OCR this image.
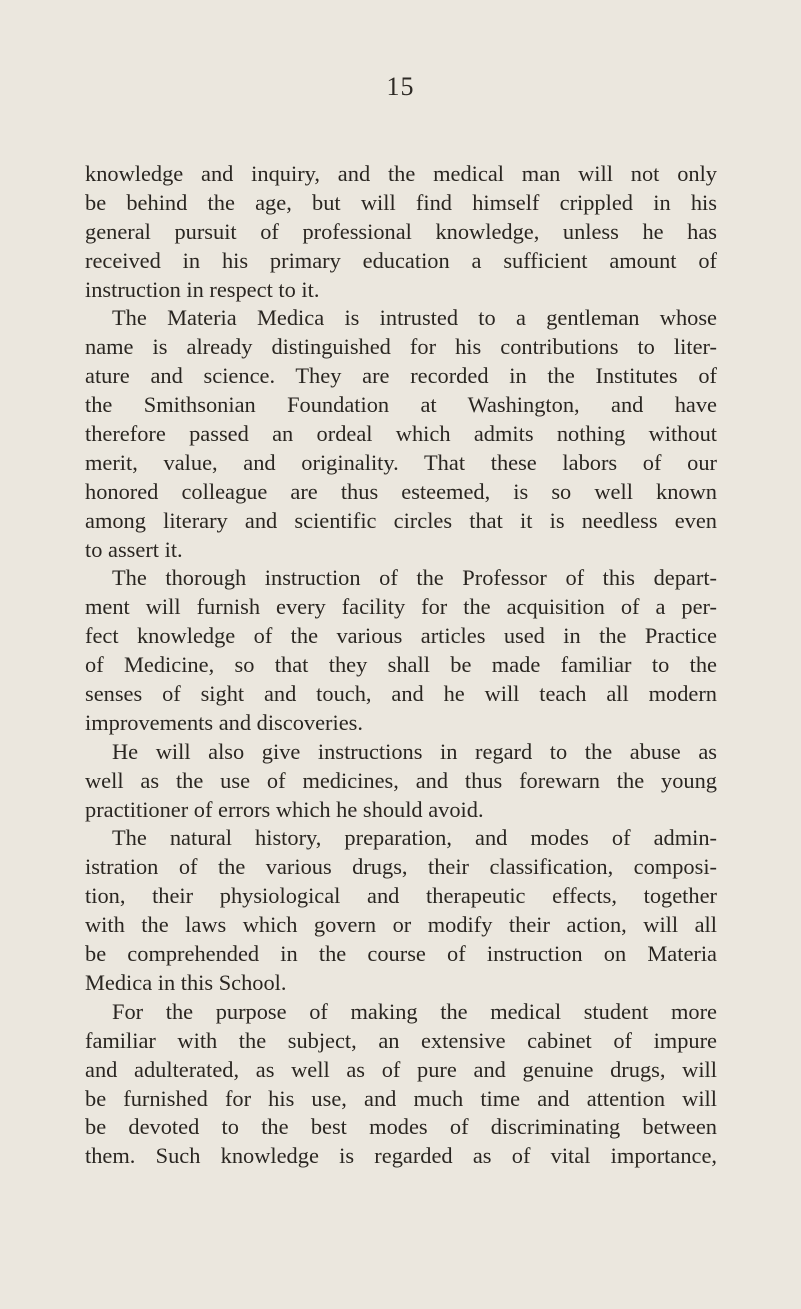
15
knowledge and inquiry, and the medical man will not only
be behind the age, but will find himself crippled in his
general pursuit of professional knowledge, unless he has
received in his primary education a sufficient amount of
instruction in respect to it.
The Materia Medica is intrusted to a gentleman whose
name is already distinguished for his contributions to liter-
ature and science. They are recorded in the Institutes of
the Smithsonian Foundation at Washington, and have
therefore passed an ordeal which admits nothing without
merit, value, and originality. That these labors of our
honored colleague are thus esteemed, is so well known
among literary and scientific circles that it is needless even
to assert it.
The thorough instruction of the Professor of this depart-
ment will furnish every facility for the acquisition of a per-
fect knowledge of the various articles used in the Practice
of Medicine, so that they shall be made familiar to the
senses of sight and touch, and he will teach all modern
improvements and discoveries.
He will also give instructions in regard to the abuse as
well as the use of medicines, and thus forewarn the young
practitioner of errors which he should avoid.
The natural history, preparation, and modes of admin-
istration of the various drugs, their classification, composi-
tion, their physiological and therapeutic effects, together
with the laws which govern or modify their action, will all
be comprehended in the course of instruction on Materia
Medica in this School.
For the purpose of making the medical student more
familiar with the subject, an extensive cabinet of impure
and adulterated, as well as of pure and genuine drugs, will
be furnished for his use, and much time and attention will
be devoted to the best modes of discriminating between
them. Such knowledge is regarded as of vital importance,
